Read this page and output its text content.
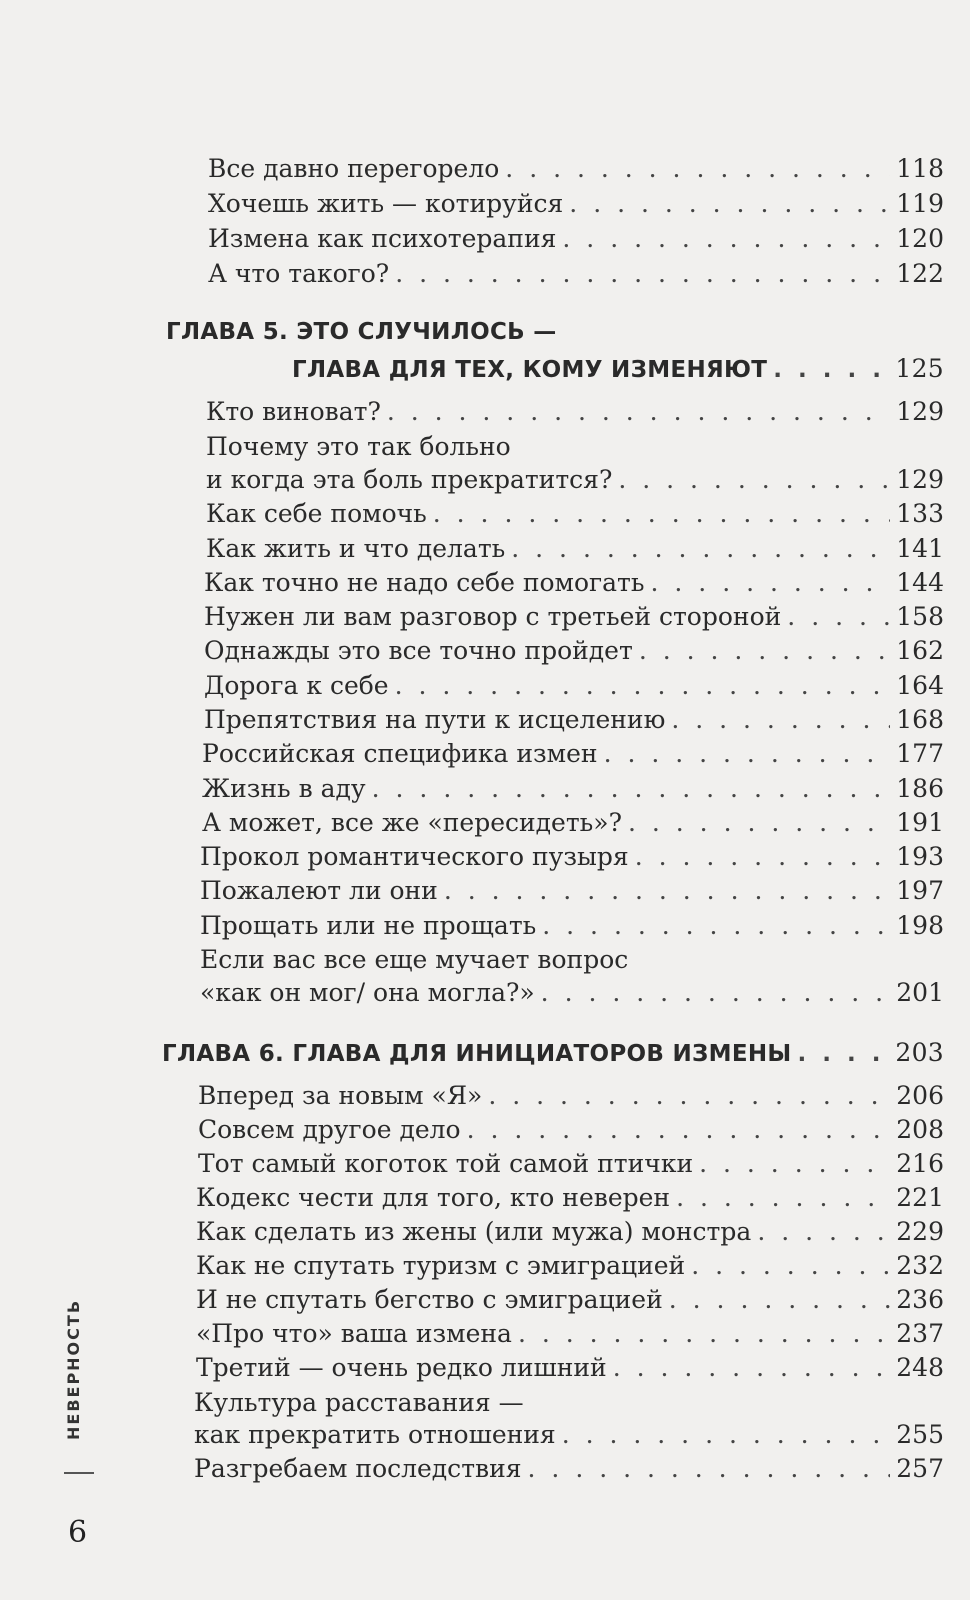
Все давно перегорело . . .	118
Хочешь жить — котируйся . . .	119
Измена как психотерапия . . .	120
А что такого? . . .	122
ГЛАВА 5. ЭТО СЛУЧИЛОСЬ —
ГЛАВА ДЛЯ ТЕХ, КОМУ ИЗМЕНЯЮТ . . .	125
Кто виноват? . . .	129
Почему это так больно
и когда эта боль прекратится? . . .	129
Как себе помочь . . .	133
Как жить и что делать . . .	141
Как точно не надо себе помогать . . .	144
Нужен ли вам разговор с третьей стороной . . .	158
Однажды это все точно пройдет . . .	162
Дорога к себе . . .	164
Препятствия на пути к исцелению . . .	168
Российская специфика измен . . .	177
Жизнь в аду . . .	186
А может, все же «пересидеть»? . . .	191
Прокол романтического пузыря . . .	193
Пожалеют ли они . . .	197
Прощать или не прощать . . .	198
Если вас все еще мучает вопрос
«как он мог/ она могла?» . . .	201
ГЛАВА 6. ГЛАВА ДЛЯ ИНИЦИАТОРОВ ИЗМЕНЫ . . .	203
Вперед за новым «Я» . . .	206
Совсем другое дело . . .	208
Тот самый коготок той самой птички . . .	216
Кодекс чести для того, кто неверен . . .	221
Как сделать из жены (или мужа) монстра . . .	229
Как не спутать туризм с эмиграцией . . .	232
И не спутать бегство с эмиграцией . . .	236
«Про что» ваша измена . . .	237
Третий — очень редко лишний . . .	248
Культура расставания —
как прекратить отношения . . .	255
Разгребаем последствия . . .	257
НЕВЕРНОСТЬ
6
